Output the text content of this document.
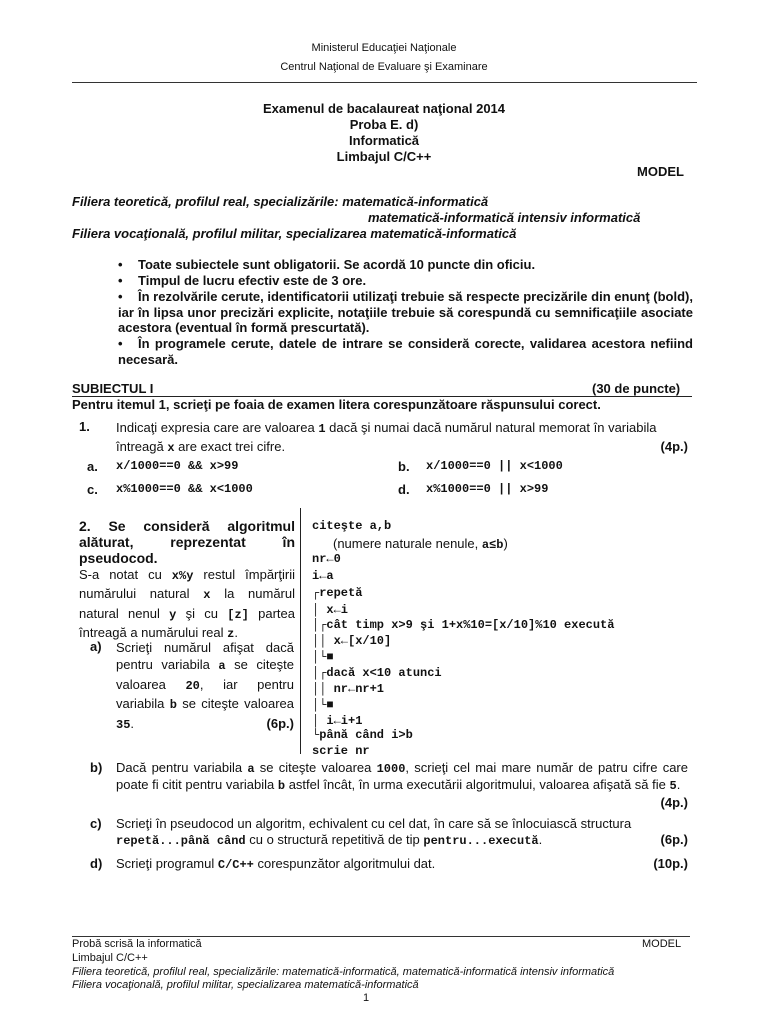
Ministerul Educaţiei Naţionale
Centrul Naţional de Evaluare şi Examinare
Examenul de bacalaureat naţional 2014
Proba E. d)
Informatică
Limbajul C/C++
MODEL
Filiera teoretică, profilul real, specializările: matematică-informatică
matematică-informatică intensiv informatică
Filiera vocaţională, profilul militar, specializarea matematică-informatică
• Toate subiectele sunt obligatorii. Se acordă 10 puncte din oficiu.
• Timpul de lucru efectiv este de 3 ore.
•	În rezolvările cerute, identificatorii utilizaţi trebuie să respecte precizările din enunţ (bold), iar în lipsa unor precizări explicite, notaţiile trebuie să corespundă cu semnificaţiile asociate acestora (eventual în formă prescurtată).
•	În programele cerute, datele de intrare se consideră corecte, validarea acestora nefiind necesară.
SUBIECTUL I	(30 de puncte)
Pentru itemul 1, scrieţi pe foaia de examen litera corespunzătoare răspunsului corect.
1. Indicaţi expresia care are valoarea 1 dacă şi numai dacă numărul natural memorat în variabila întreagă x are exact trei cifre.	(4p.)
a. x/1000==0 && x>99	b. x/1000==0 || x<1000
c. x%1000==0 && x<1000	d. x%1000==0 || x>99
2. Se consideră algoritmul alăturat, reprezentat în pseudocod.
S-a notat cu x%y restul împărţirii numărului natural x la numărul natural nenul y şi cu [z] partea întreagă a numărului real z.
a) Scrieţi numărul afişat dacă pentru variabila a se citeşte valoarea 20, iar pentru variabila b se citeşte valoarea 35.	(6p.)
citeşte a,b
(numere naturale nenule, a≤b)
nr←0
i←a
┌repetă
│ x←i
│┌cât timp x>9 şi 1+x%10=[x/10]%10 execută
││ x←[x/10]
│└■
│┌dacă x<10 atunci
││ nr←nr+1
│└■
│ i←i+1
└până când i>b
scrie nr
b) Dacă pentru variabila a se citeşte valoarea 1000, scrieţi cel mai mare număr de patru cifre care poate fi citit pentru variabila b astfel încât, în urma executării algoritmului, valoarea afişată să fie 5.
(4p.)
c) Scrieţi în pseudocod un algoritm, echivalent cu cel dat, în care să se înlocuiască structura repetă...până când cu o structură repetitivă de tip pentru...execută.	(6p.)
d) Scrieţi programul C/C++ corespunzător algoritmului dat.	(10p.)
Probă scrisă la informatică	MODEL
Limbajul C/C++
Filiera teoretică, profilul real, specializările: matematică-informatică, matematică-informatică intensiv informatică
Filiera vocaţională, profilul militar, specializarea matematică-informatică
1
